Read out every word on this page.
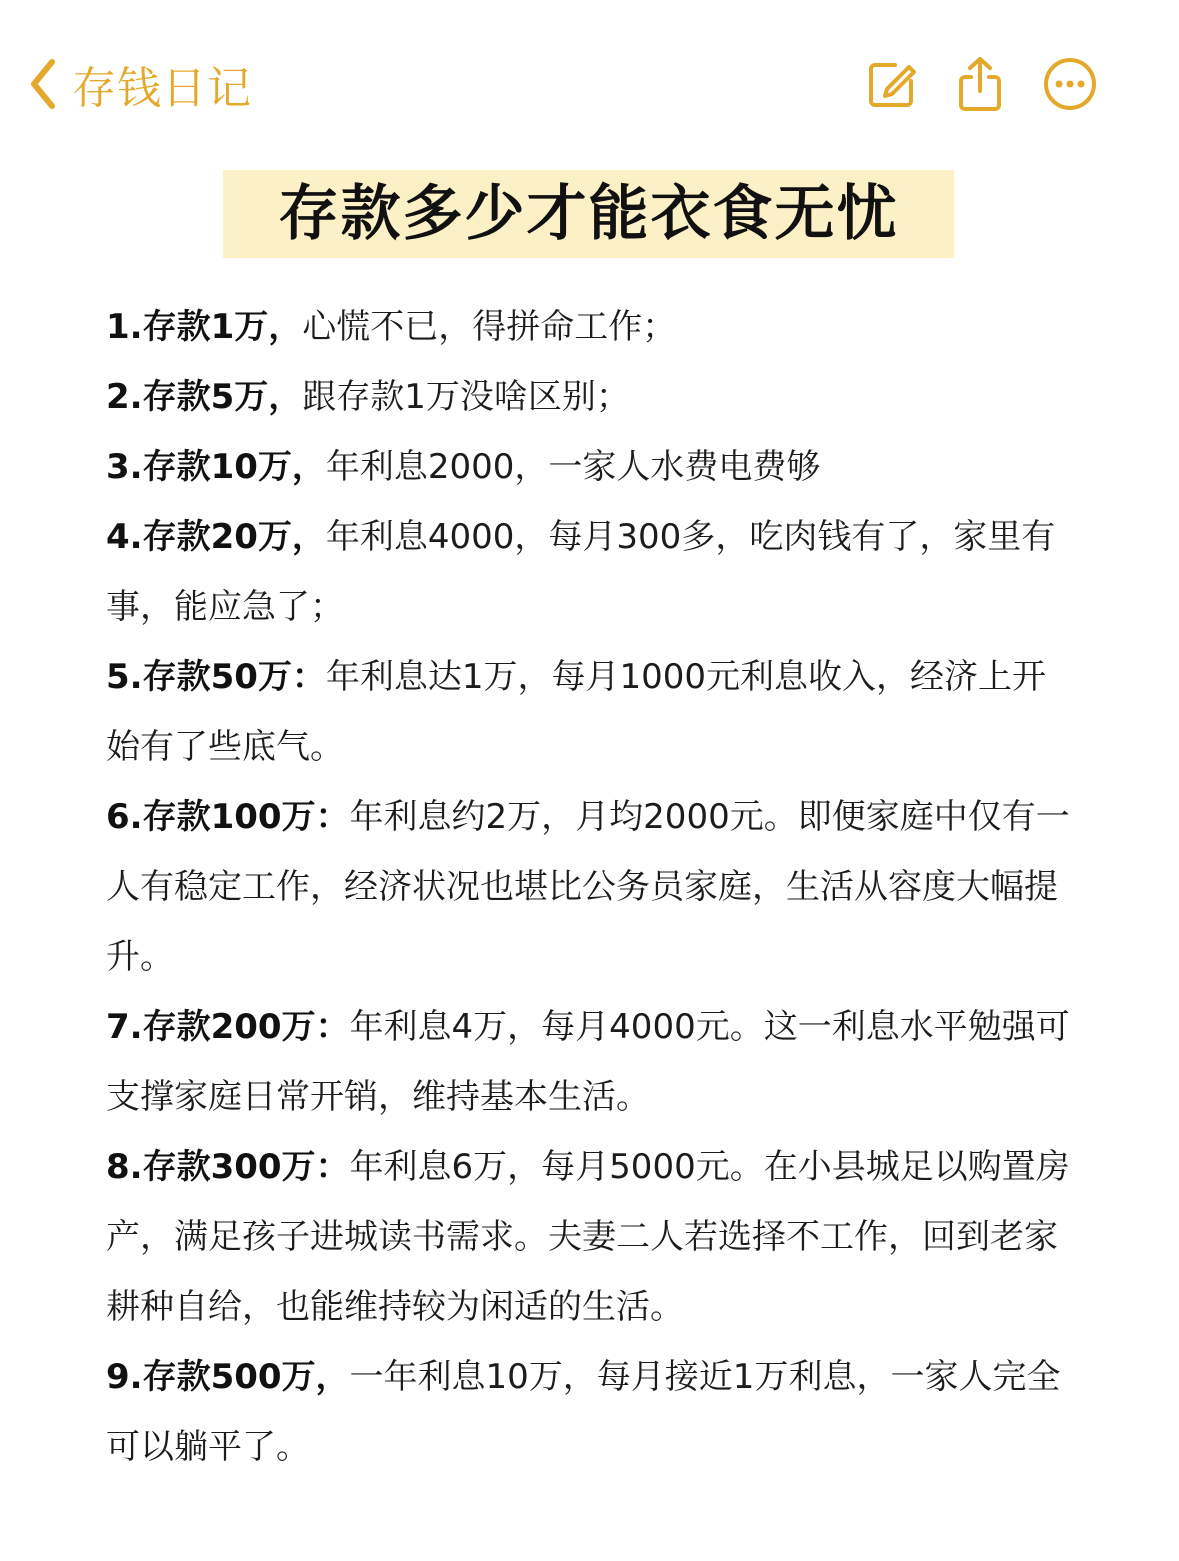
存钱日记
存款多少才能衣食无忧

1.存款1万，心慌不已，得拼命工作；

2.存款5万，跟存款1万没啥区别；

3.存款10万，年利息2000，一家人水费电费够

4.存款20万，年利息4000，每月300多，吃肉钱有了，家里有事，能应急了；

5.存款50万：年利息达1万，每月1000元利息收入，经济上开始有了些底气。

6.存款100万：年利息约2万，月均2000元。即便家庭中仅有一人有稳定工作，经济状况也堪比公务员家庭，生活从容度大幅提升。

7.存款200万：年利息4万，每月4000元。这一利息水平勉强可支撑家庭日常开销，维持基本生活。

8.存款300万：年利息6万，每月5000元。在小县城足以购置房产，满足孩子进城读书需求。夫妻二人若选择不工作，回到老家耕种自给，也能维持较为闲适的生活。

9.存款500万，一年利息10万，每月接近1万利息，一家人完全可以躺平了。
